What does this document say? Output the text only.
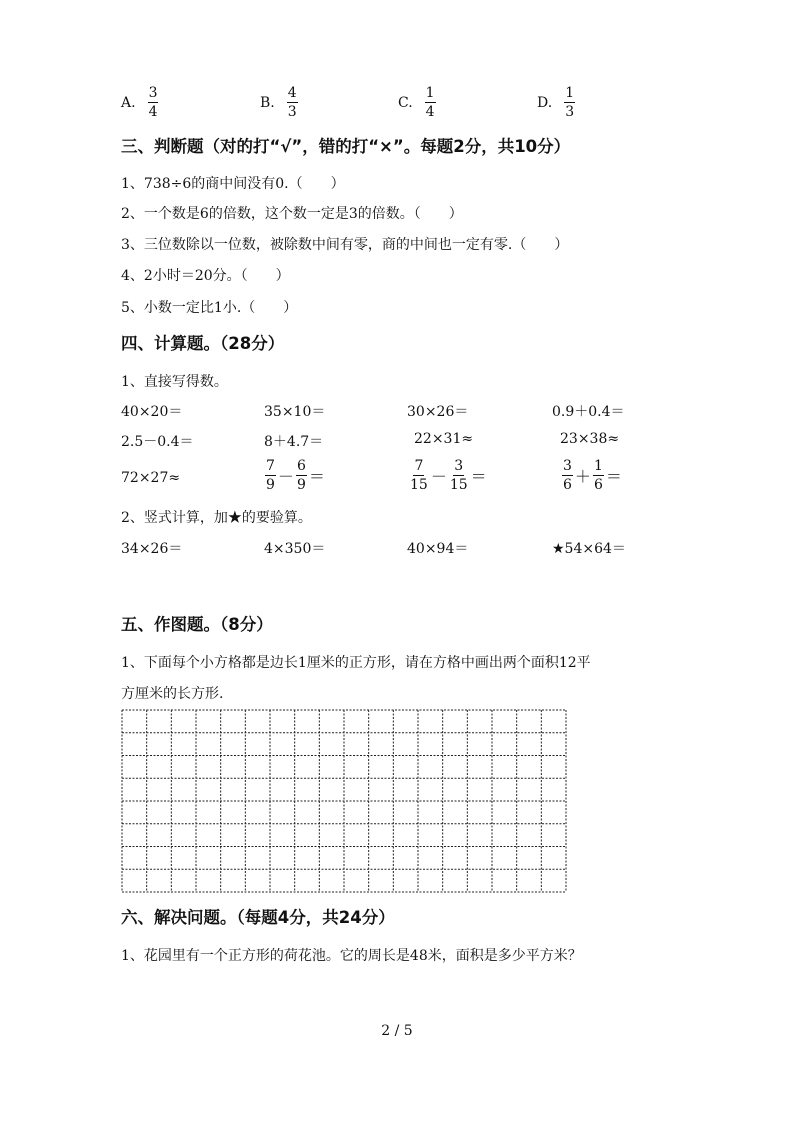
A. $\frac{3}{4}$	B. $\frac{4}{3}$	C. $\frac{1}{4}$	D. $\frac{1}{3}$
三、判断题（对的打“√”，错的打“×”。每题2分，共10分）
1、738÷6的商中间没有0.（　　）
2、一个数是6的倍数，这个数一定是3的倍数。（　　）
3、三位数除以一位数，被除数中间有零，商的中间也一定有零.（　　）
4、2小时＝20分。（　　）
5、小数一定比1小.（　　）
四、计算题。（28分）
1、直接写得数。
40×20＝	35×10＝	30×26＝	0.9＋0.4＝
2.5－0.4＝	8＋4.7＝	22×31≈	23×38≈
72×27≈	$\frac{7}{9} - \frac{6}{9}$ ＝	$\frac{7}{15} - \frac{3}{15}$ ＝	$\frac{3}{6} + \frac{1}{6}$ ＝
2、竖式计算，加★的要验算。
34×26＝	4×350＝	40×94＝	★54×64＝
五、作图题。（8分）
1、下面每个小方格都是边长1厘米的正方形，请在方格中画出两个面积12平
方厘米的长方形.
六、解决问题。（每题4分，共24分）
1、花园里有一个正方形的荷花池。它的周长是48米，面积是多少平方米？
2 / 5
